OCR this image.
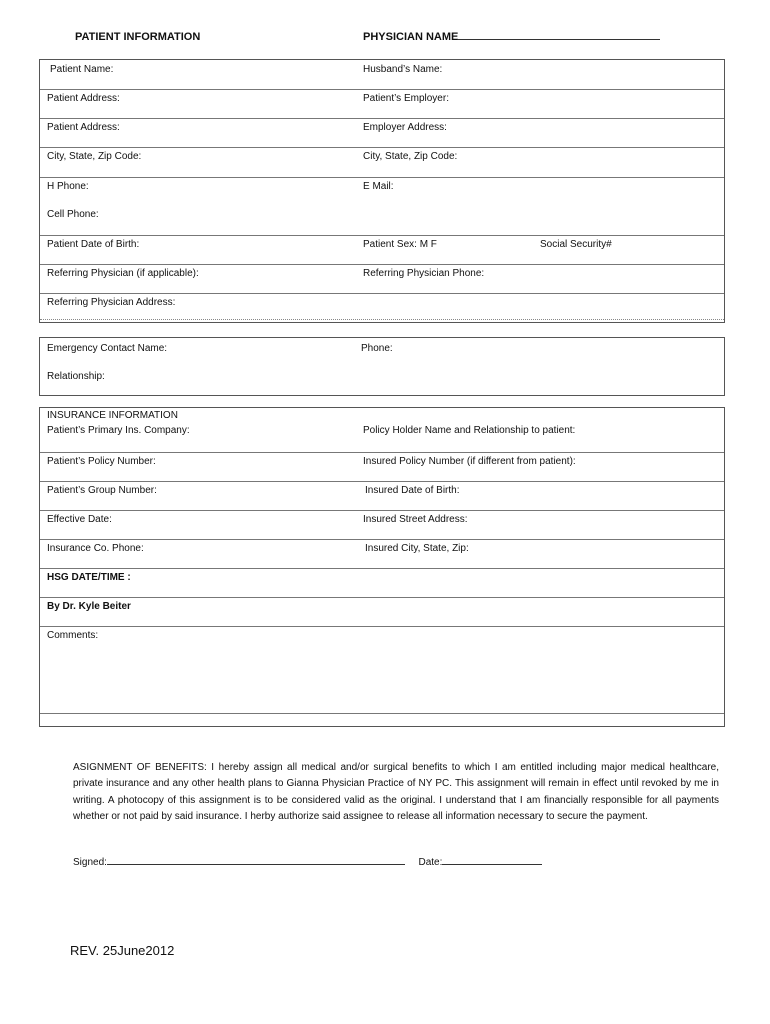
PATIENT INFORMATION	PHYSICIAN NAME
Patient Name:	Husband’s Name:
Patient Address:	Patient’s Employer:
Patient Address:	Employer Address:
City, State, Zip Code:	City, State, Zip Code:
H Phone:	E Mail:
Cell Phone:
Patient Date of Birth:	Patient Sex: M F	Social Security#
Referring Physician (if applicable):	Referring Physician Phone:
Referring Physician Address:
Emergency Contact Name:	Phone:
Relationship:
INSURANCE INFORMATION
Patient’s Primary Ins. Company:	Policy Holder Name and Relationship to patient:
Patient’s Policy Number:	Insured Policy Number (if different from patient):
Patient’s Group Number:	Insured Date of Birth:
Effective Date:	Insured Street Address:
Insurance Co. Phone:	Insured City, State, Zip:
HSG DATE/TIME :
By Dr. Kyle Beiter
Comments:
ASIGNMENT OF BENEFITS: I hereby assign all medical and/or surgical benefits to which I am entitled including major medical healthcare, private insurance and any other health plans to Gianna Physician Practice of NY PC. This assignment will remain in effect until revoked by me in writing. A photocopy of this assignment is to be considered valid as the original. I understand that I am financially responsible for all payments whether or not paid by said insurance. I herby authorize said assignee to release all information necessary to secure the payment.
Signed:	Date:
REV. 25June2012
